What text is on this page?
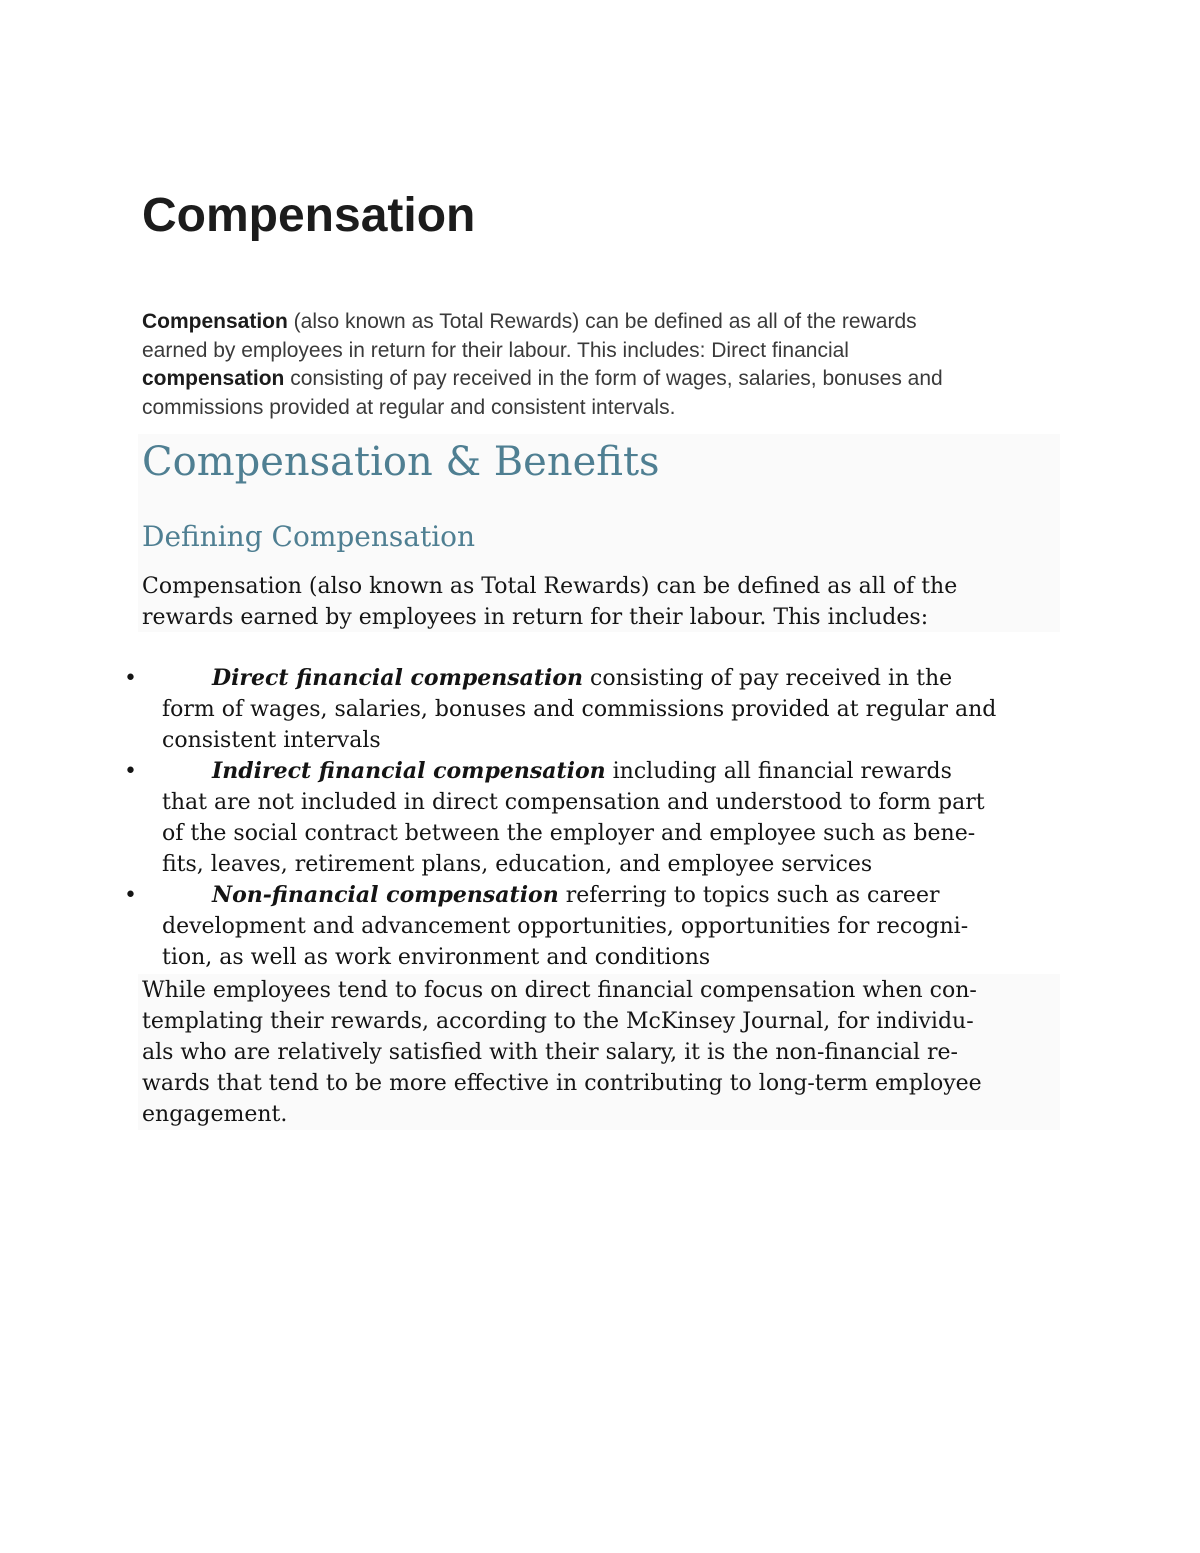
Compensation

Compensation (also known as Total Rewards) can be defined as all of the rewards
earned by employees in return for their labour. This includes: Direct financial
compensation consisting of pay received in the form of wages, salaries, bonuses and
commissions provided at regular and consistent intervals.

Compensation & Benefits
Defining Compensation

Compensation (also known as Total Rewards) can be defined as all of the
rewards earned by employees in return for their labour. This includes:

•	Direct financial compensation consisting of pay received in the
form of wages, salaries, bonuses and commissions provided at regular and
consistent intervals
•	Indirect financial compensation including all financial rewards
that are not included in direct compensation and understood to form part
of the social contract between the employer and employee such as bene-
fits, leaves, retirement plans, education, and employee services
•	Non-financial compensation referring to topics such as career
development and advancement opportunities, opportunities for recogni-
tion, as well as work environment and conditions

While employees tend to focus on direct financial compensation when con-
templating their rewards, according to the McKinsey Journal, for individu-
als who are relatively satisfied with their salary, it is the non-financial re-
wards that tend to be more effective in contributing to long-term employee
engagement.
